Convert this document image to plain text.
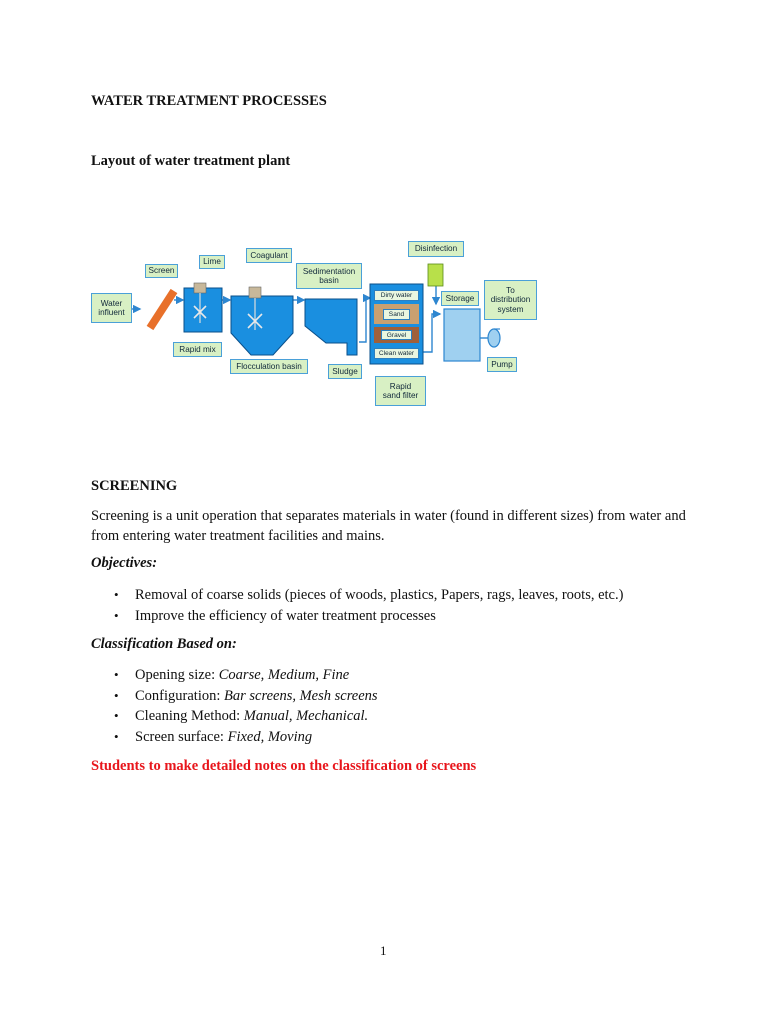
WATER TREATMENT PROCESSES
Layout of water treatment plant
Water
influent
Screen
Lime
Coagulant
Sedimentation
basin
Disinfection
Storage
To
distribution
system
Rapid mix
Flocculation basin
Sludge
Rapid
sand filter
Pump
Dirty water
Sand
Gravel
Clean water
SCREENING
Screening is a unit operation that separates materials in water (found in different sizes) from water and from entering water treatment facilities and mains.
Objectives:
• Removal of coarse solids (pieces of woods, plastics, Papers, rags, leaves, roots, etc.)
• Improve the efficiency of water treatment processes
Classification Based on:
• Opening size: Coarse, Medium, Fine
• Configuration: Bar screens, Mesh screens
• Cleaning Method: Manual, Mechanical.
• Screen surface: Fixed, Moving
Students to make detailed notes on the classification of screens
1
